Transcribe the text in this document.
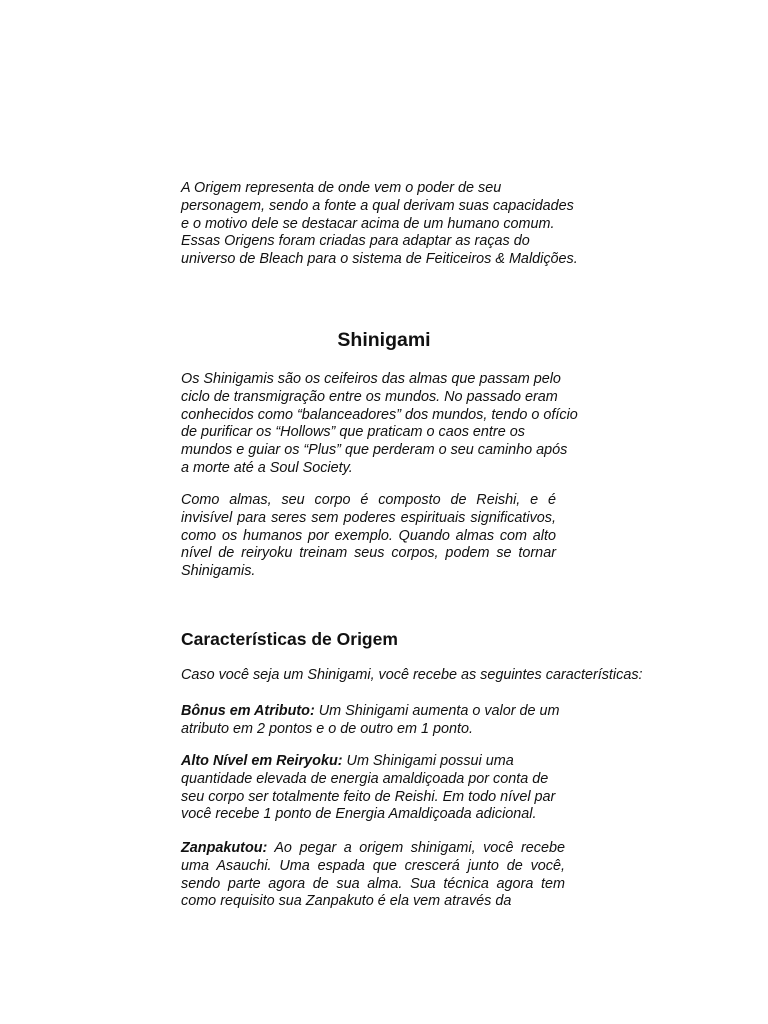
A Origem representa de onde vem o poder de seu personagem, sendo a fonte a qual derivam suas capacidades e o motivo dele se destacar acima de um humano comum. Essas Origens foram criadas para adaptar as raças do universo de Bleach para o sistema de Feiticeiros & Maldições.

Shinigami

Os Shinigamis são os ceifeiros das almas que passam pelo ciclo de transmigração entre os mundos. No passado eram conhecidos como “balanceadores” dos mundos, tendo o ofício de purificar os “Hollows” que praticam o caos entre os mundos e guiar os “Plus” que perderam o seu caminho após a morte até a Soul Society.

Como almas, seu corpo é composto de Reishi, e é invisível para seres sem poderes espirituais significativos, como os humanos por exemplo. Quando almas com alto nível de reiryoku treinam seus corpos, podem se tornar Shinigamis.

Características de Origem

Caso você seja um Shinigami, você recebe as seguintes características:

Bônus em Atributo: Um Shinigami aumenta o valor de um atributo em 2 pontos e o de outro em 1 ponto.

Alto Nível em Reiryoku: Um Shinigami possui uma quantidade elevada de energia amaldiçoada por conta de seu corpo ser totalmente feito de Reishi. Em todo nível par você recebe 1 ponto de Energia Amaldiçoada adicional.

Zanpakutou: Ao pegar a origem shinigami, você recebe uma Asauchi. Uma espada que crescerá junto de você, sendo parte agora de sua alma. Sua técnica agora tem como requisito sua Zanpakuto é ela vem através da
